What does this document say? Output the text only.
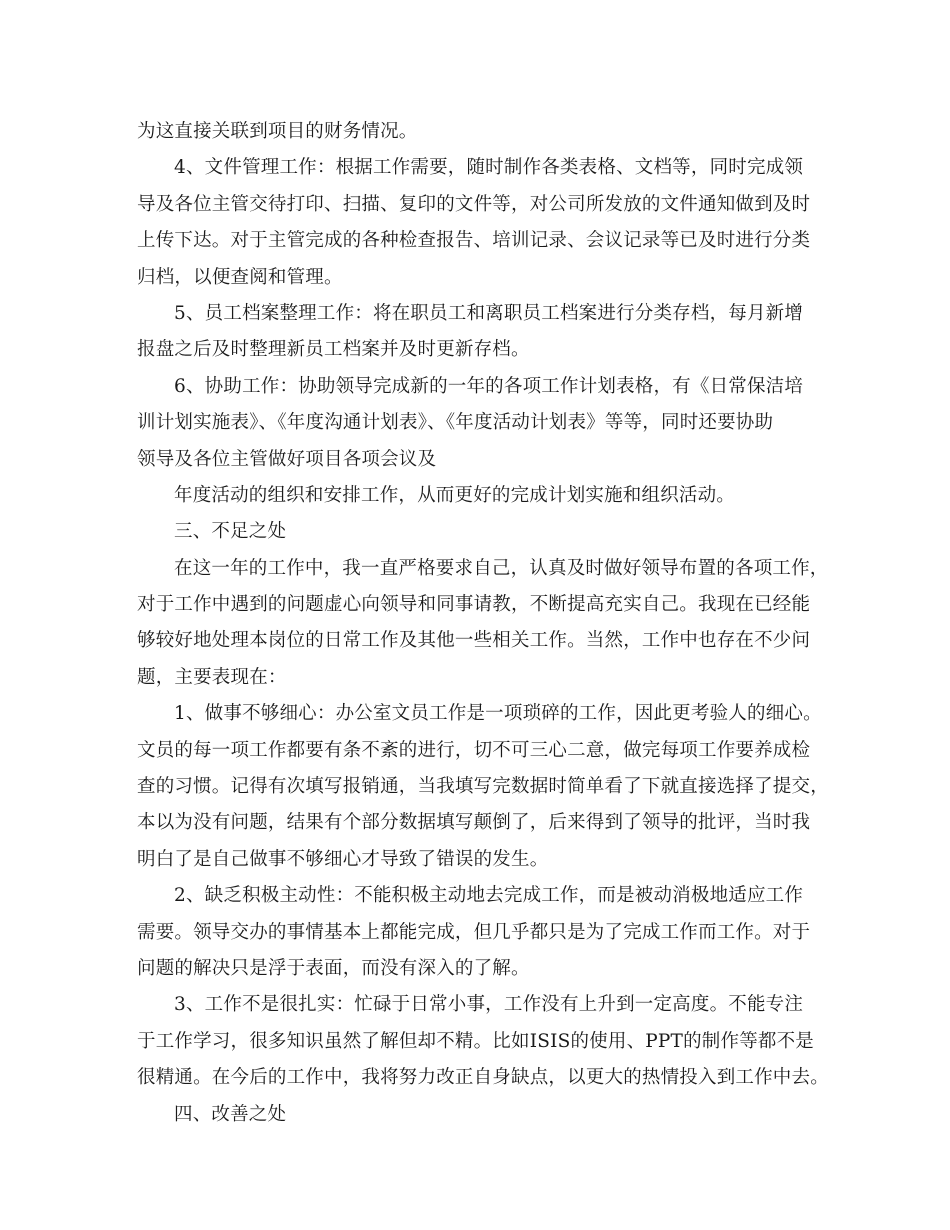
为这直接关联到项目的财务情况。
4、文件管理工作：根据工作需要，随时制作各类表格、文档等，同时完成领
导及各位主管交待打印、扫描、复印的文件等，对公司所发放的文件通知做到及时
上传下达。对于主管完成的各种检查报告、培训记录、会议记录等已及时进行分类
归档，以便查阅和管理。
5、员工档案整理工作：将在职员工和离职员工档案进行分类存档，每月新增
报盘之后及时整理新员工档案并及时更新存档。
6、协助工作：协助领导完成新的一年的各项工作计划表格，有《日常保洁培
训计划实施表》、《年度沟通计划表》、《年度活动计划表》等等，同时还要协助
领导及各位主管做好项目各项会议及
年度活动的组织和安排工作，从而更好的完成计划实施和组织活动。
三、不足之处
在这一年的工作中，我一直严格要求自己，认真及时做好领导布置的各项工作，
对于工作中遇到的问题虚心向领导和同事请教，不断提高充实自己。我现在已经能
够较好地处理本岗位的日常工作及其他一些相关工作。当然，工作中也存在不少问
题，主要表现在：
1、做事不够细心：办公室文员工作是一项琐碎的工作，因此更考验人的细心。
文员的每一项工作都要有条不紊的进行，切不可三心二意，做完每项工作要养成检
查的习惯。记得有次填写报销通，当我填写完数据时简单看了下就直接选择了提交，
本以为没有问题，结果有个部分数据填写颠倒了，后来得到了领导的批评，当时我
明白了是自己做事不够细心才导致了错误的发生。
2、缺乏积极主动性：不能积极主动地去完成工作，而是被动消极地适应工作
需要。领导交办的事情基本上都能完成，但几乎都只是为了完成工作而工作。对于
问题的解决只是浮于表面，而没有深入的了解。
3、工作不是很扎实：忙碌于日常小事，工作没有上升到一定高度。不能专注
于工作学习，很多知识虽然了解但却不精。比如ISIS的使用、PPT的制作等都不是
很精通。在今后的工作中，我将努力改正自身缺点，以更大的热情投入到工作中去。
四、改善之处
